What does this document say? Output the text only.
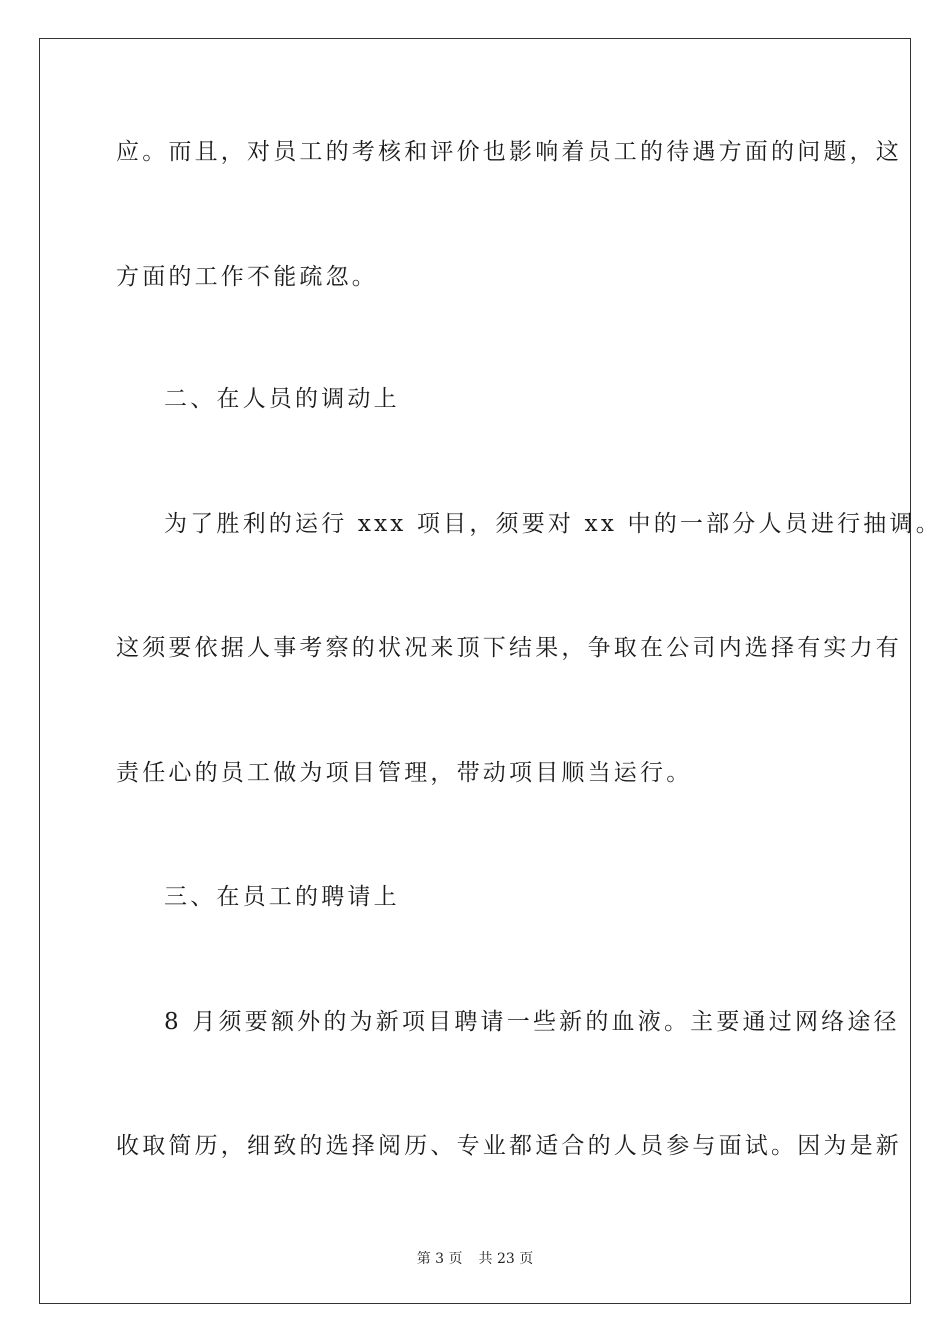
应。而且，对员工的考核和评价也影响着员工的待遇方面的问题，这
方面的工作不能疏忽。
二、在人员的调动上
为了胜利的运行 xxx 项目，须要对 xx 中的一部分人员进行抽调。
这须要依据人事考察的状况来顶下结果，争取在公司内选择有实力有
责任心的员工做为项目管理，带动项目顺当运行。
三、在员工的聘请上
8 月须要额外的为新项目聘请一些新的血液。主要通过网络途径
收取简历，细致的选择阅历、专业都适合的人员参与面试。因为是新
第 3 页 共 23 页
